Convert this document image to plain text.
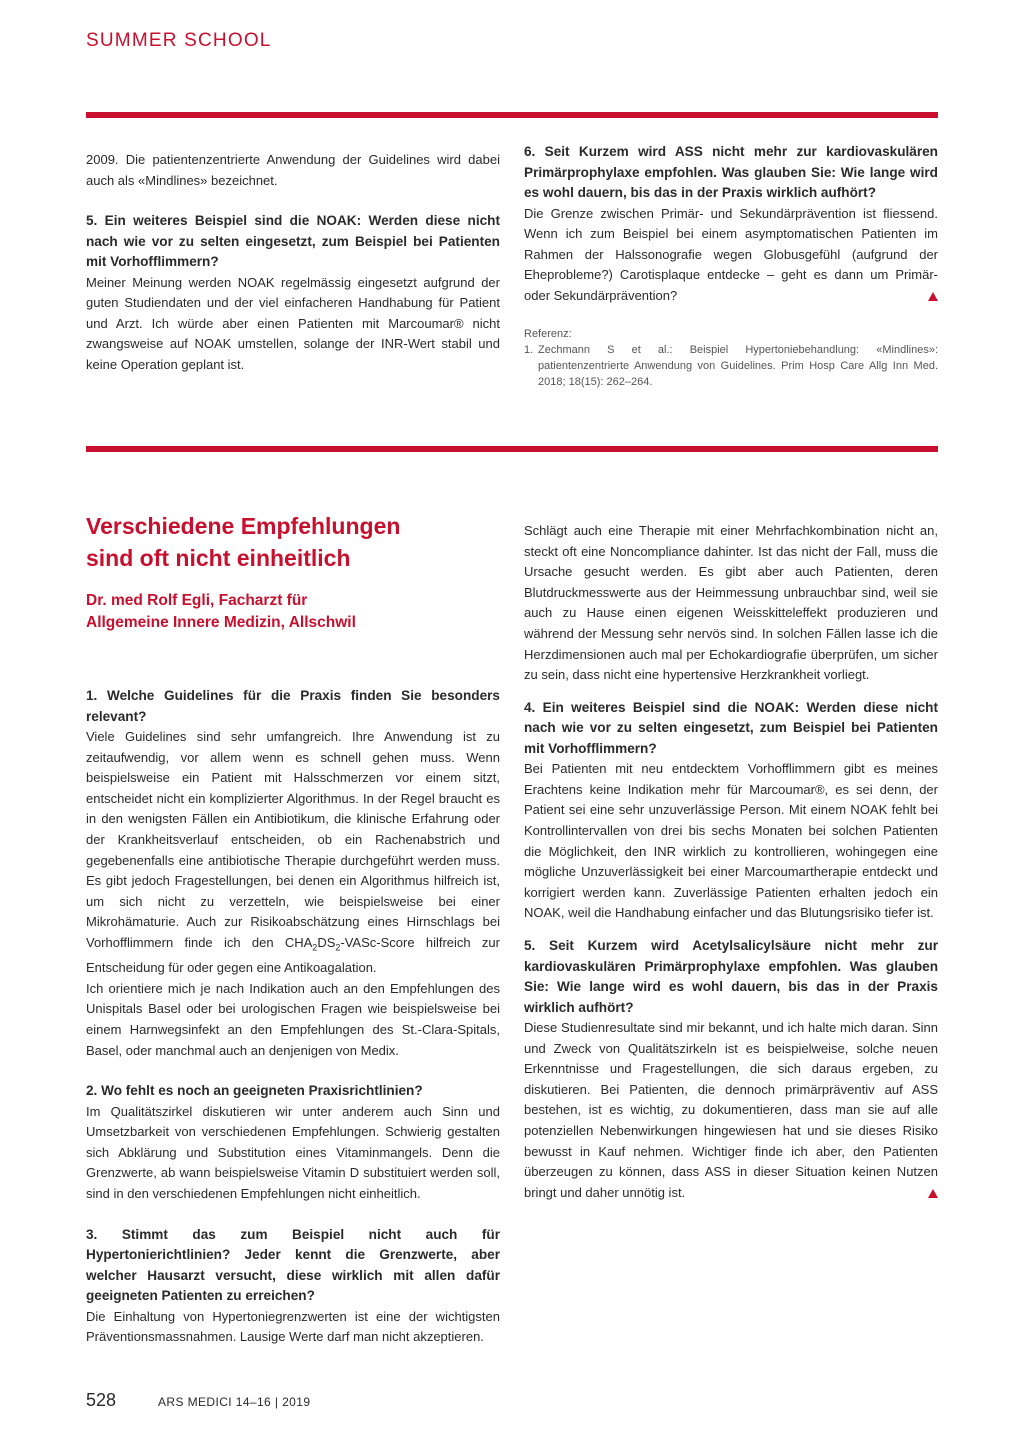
SUMMER SCHOOL

2009. Die patientenzentrierte Anwendung der Guidelines wird dabei auch als «Mindlines» bezeichnet.

5. Ein weiteres Beispiel sind die NOAK: Werden diese nicht nach wie vor zu selten eingesetzt, zum Beispiel bei Patienten mit Vorhofflimmern?

Meiner Meinung werden NOAK regelmässig eingesetzt aufgrund der guten Studiendaten und der viel einfacheren Handhabung für Patient und Arzt. Ich würde aber einen Patienten mit Marcoumar® nicht zwangsweise auf NOAK umstellen, solange der INR-Wert stabil und keine Operation geplant ist.

6. Seit Kurzem wird ASS nicht mehr zur kardiovaskulären Primärprophylaxe empfohlen. Was glauben Sie: Wie lange wird es wohl dauern, bis das in der Praxis wirklich aufhört?

Die Grenze zwischen Primär- und Sekundärprävention ist fliessend. Wenn ich zum Beispiel bei einem asymptomatischen Patienten im Rahmen der Halssonografie wegen Globusgefühl (aufgrund der Eheprobleme?) Carotisplaque entdecke – geht es dann um Primär- oder Sekundärprävention?

Referenz:
1. Zechmann S et al.: Beispiel Hypertoniebehandlung: «Mindlines»: patientenzentrierte Anwendung von Guidelines. Prim Hosp Care Allg Inn Med. 2018; 18(15): 262–264.
Verschiedene Empfehlungen
sind oft nicht einheitlich
Dr. med Rolf Egli, Facharzt für
Allgemeine Innere Medizin, Allschwil

1. Welche Guidelines für die Praxis finden Sie besonders relevant?

Viele Guidelines sind sehr umfangreich. Ihre Anwendung ist zu zeitaufwendig, vor allem wenn es schnell gehen muss. Wenn beispielsweise ein Patient mit Halsschmerzen vor einem sitzt, entscheidet nicht ein komplizierter Algorithmus. In der Regel braucht es in den wenigsten Fällen ein Antibiotikum, die klinische Erfahrung oder der Krankheitsverlauf entscheiden, ob ein Rachenabstrich und gegebenenfalls eine antibiotische Therapie durchgeführt werden muss. Es gibt jedoch Fragestellungen, bei denen ein Algorithmus hilfreich ist, um sich nicht zu verzetteln, wie beispielsweise bei einer Mikrohämaturie. Auch zur Risikoabschätzung eines Hirnschlags bei Vorhofflimmern finde ich den $CHA_2DS_2-VASc$-Score hilfreich zur Entscheidung für oder gegen eine Antikoagalation.

Ich orientiere mich je nach Indikation auch an den Empfehlungen des Unispitals Basel oder bei urologischen Fragen wie beispielsweise bei einem Harnwegsinfekt an den Empfehlungen des St.-Clara-Spitals, Basel, oder manchmal auch an denjenigen von Medix.

2. Wo fehlt es noch an geeigneten Praxisrichtlinien?

Im Qualitätszirkel diskutieren wir unter anderem auch Sinn und Umsetzbarkeit von verschiedenen Empfehlungen. Schwierig gestalten sich Abklärung und Substitution eines Vitaminmangels. Denn die Grenzwerte, ab wann beispielsweise Vitamin D substituiert werden soll, sind in den verschiedenen Empfehlungen nicht einheitlich.

3. Stimmt das zum Beispiel nicht auch für Hypertonierichtlinien? Jeder kennt die Grenzwerte, aber welcher Hausarzt versucht, diese wirklich mit allen dafür geeigneten Patienten zu erreichen?

Die Einhaltung von Hypertoniegrenzwerten ist eine der wichtigsten Präventionsmassnahmen. Lausige Werte darf man nicht akzeptieren.

Schlägt auch eine Therapie mit einer Mehrfachkombination nicht an, steckt oft eine Noncompliance dahinter. Ist das nicht der Fall, muss die Ursache gesucht werden. Es gibt aber auch Patienten, deren Blutdruckmesswerte aus der Heimmessung unbrauchbar sind, weil sie auch zu Hause einen eigenen Weisskitteleffekt produzieren und während der Messung sehr nervös sind. In solchen Fällen lasse ich die Herzdimensionen auch mal per Echokardiografie überprüfen, um sicher zu sein, dass nicht eine hypertensive Herzkrankheit vorliegt.

4. Ein weiteres Beispiel sind die NOAK: Werden diese nicht nach wie vor zu selten eingesetzt, zum Beispiel bei Patienten mit Vorhofflimmern?

Bei Patienten mit neu entdecktem Vorhofflimmern gibt es meines Erachtens keine Indikation mehr für Marcoumar®, es sei denn, der Patient sei eine sehr unzuverlässige Person. Mit einem NOAK fehlt bei Kontrollintervallen von drei bis sechs Monaten bei solchen Patienten die Möglichkeit, den INR wirklich zu kontrollieren, wohingegen eine mögliche Unzuverlässigkeit bei einer Marcoumartherapie entdeckt und korrigiert werden kann. Zuverlässige Patienten erhalten jedoch ein NOAK, weil die Handhabung einfacher und das Blutungsrisiko tiefer ist.

5. Seit Kurzem wird Acetylsalicylsäure nicht mehr zur kardiovaskulären Primärprophylaxe empfohlen. Was glauben Sie: Wie lange wird es wohl dauern, bis das in der Praxis wirklich aufhört?

Diese Studienresultate sind mir bekannt, und ich halte mich daran. Sinn und Zweck von Qualitätszirkeln ist es beispielweise, solche neuen Erkenntnisse und Fragestellungen, die sich daraus ergeben, zu diskutieren. Bei Patienten, die dennoch primärpräventiv auf ASS bestehen, ist es wichtig, zu dokumentieren, dass man sie auf alle potenziellen Nebenwirkungen hingewiesen hat und sie dieses Risiko bewusst in Kauf nehmen. Wichtiger finde ich aber, den Patienten überzeugen zu können, dass ASS in dieser Situation keinen Nutzen bringt und daher unnötig ist.

528	ARS MEDICI 14–16 | 2019
